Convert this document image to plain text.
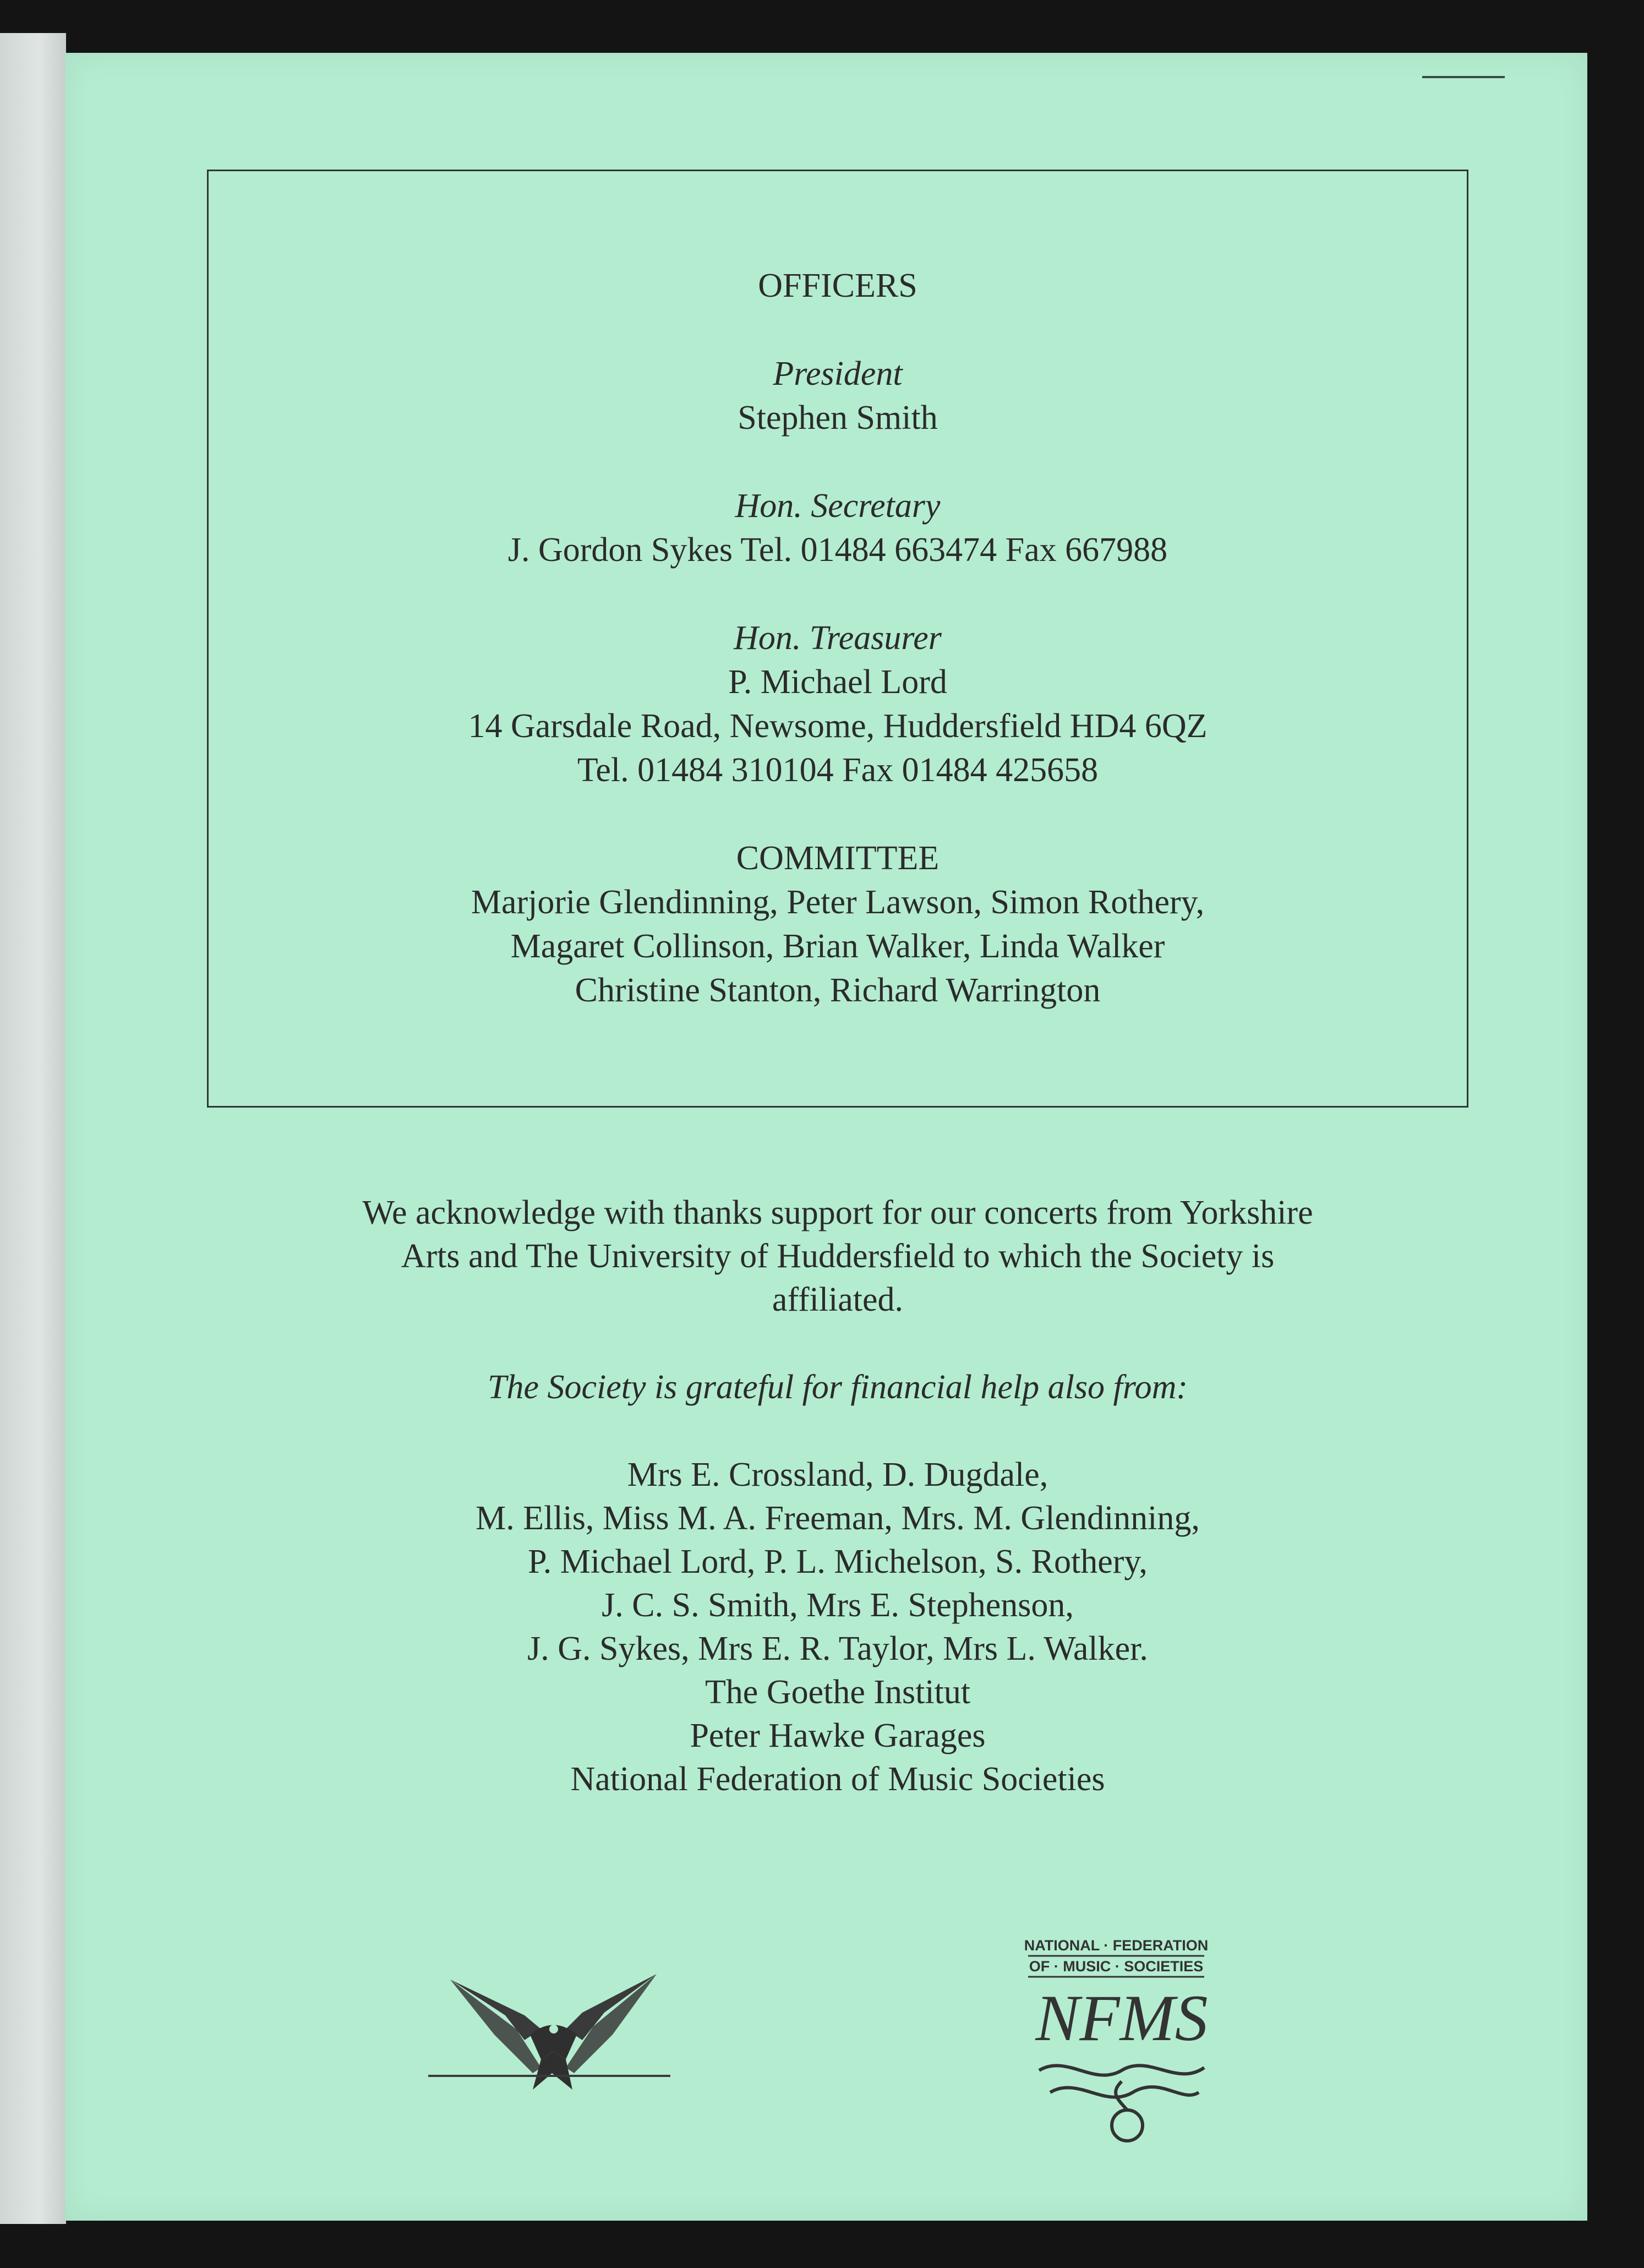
OFFICERS
President
Stephen Smith
Hon. Secretary
J. Gordon Sykes Tel. 01484 663474 Fax 667988
Hon. Treasurer
P. Michael Lord
14 Garsdale Road, Newsome, Huddersfield HD4 6QZ
Tel. 01484 310104 Fax 01484 425658
COMMITTEE
Marjorie Glendinning, Peter Lawson, Simon Rothery,
Magaret Collinson, Brian Walker, Linda Walker
Christine Stanton, Richard Warrington
We acknowledge with thanks support for our concerts from Yorkshire
Arts and The University of Huddersfield to which the Society is
affiliated.
The Society is grateful for financial help also from:
Mrs E. Crossland, D. Dugdale,
M. Ellis, Miss M. A. Freeman, Mrs. M. Glendinning,
P. Michael Lord, P. L. Michelson, S. Rothery,
J. C. S. Smith, Mrs E. Stephenson,
J. G. Sykes, Mrs E. R. Taylor, Mrs L. Walker.
The Goethe Institut
Peter Hawke Garages
National Federation of Music Societies
NATIONAL · FEDERATION
OF · MUSIC · SOCIETIES
NFMS
